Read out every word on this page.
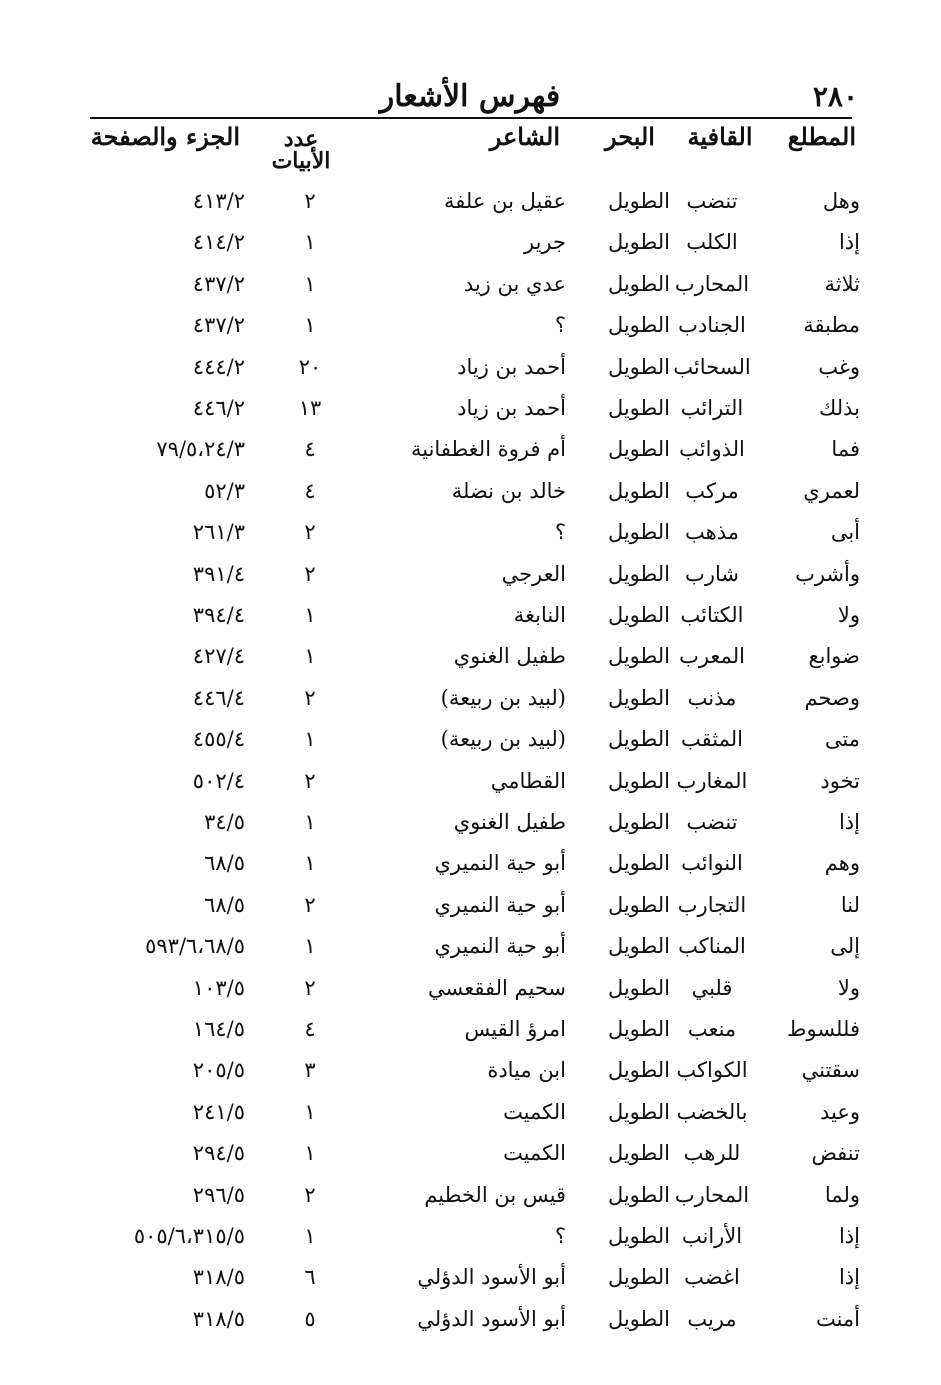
٢٨٠
فهرس الأشعار
المطلع
القافية
البحر
الشاعر
عدد
الأبيات
الجزء والصفحة
وهل
تنضب
الطويل
عقيل بن علفة
٢
٤١٣/٢
إذا
الكلب
الطويل
جرير
١
٤١٤/٢
ثلاثة
المحارب
الطويل
عدي بن زيد
١
٤٣٧/٢
مطبقة
الجنادب
الطويل
؟
١
٤٣٧/٢
وغب
السحائب
الطويل
أحمد بن زياد
٢٠
٤٤٤/٢
بذلك
الترائب
الطويل
أحمد بن زياد
١٣
٤٤٦/٢
فما
الذوائب
الطويل
أم فروة الغطفانية
٤
٧٩/٥،٢٤/٣
لعمري
مركب
الطويل
خالد بن نضلة
٤
٥٢/٣
أبى
مذهب
الطويل
؟
٢
٢٦١/٣
وأشرب
شارب
الطويل
العرجي
٢
٣٩١/٤
ولا
الكتائب
الطويل
النابغة
١
٣٩٤/٤
ضوابع
المعرب
الطويل
طفيل الغنوي
١
٤٢٧/٤
وصحم
مذنب
الطويل
(لبيد بن ربيعة)
٢
٤٤٦/٤
متى
المثقب
الطويل
(لبيد بن ربيعة)
١
٤٥٥/٤
تخود
المغارب
الطويل
القطامي
٢
٥٠٢/٤
إذا
تنضب
الطويل
طفيل الغنوي
١
٣٤/٥
وهم
النوائب
الطويل
أبو حية النميري
١
٦٨/٥
لنا
التجارب
الطويل
أبو حية النميري
٢
٦٨/٥
إلى
المناكب
الطويل
أبو حية النميري
١
٥٩٣/٦،٦٨/٥
ولا
قلبي
الطويل
سحيم الفقعسي
٢
١٠٣/٥
فللسوط
منعب
الطويل
امرؤ القيس
٤
١٦٤/٥
سقتني
الكواكب
الطويل
ابن ميادة
٣
٢٠٥/٥
وعيد
بالخضب
الطويل
الكميت
١
٢٤١/٥
تنفض
للرهب
الطويل
الكميت
١
٢٩٤/٥
ولما
المحارب
الطويل
قيس بن الخطيم
٢
٢٩٦/٥
إذا
الأرانب
الطويل
؟
١
٥٠٥/٦،٣١٥/٥
إذا
اغضب
الطويل
أبو الأسود الدؤلي
٦
٣١٨/٥
أمنت
مريب
الطويل
أبو الأسود الدؤلي
٥
٣١٨/٥
